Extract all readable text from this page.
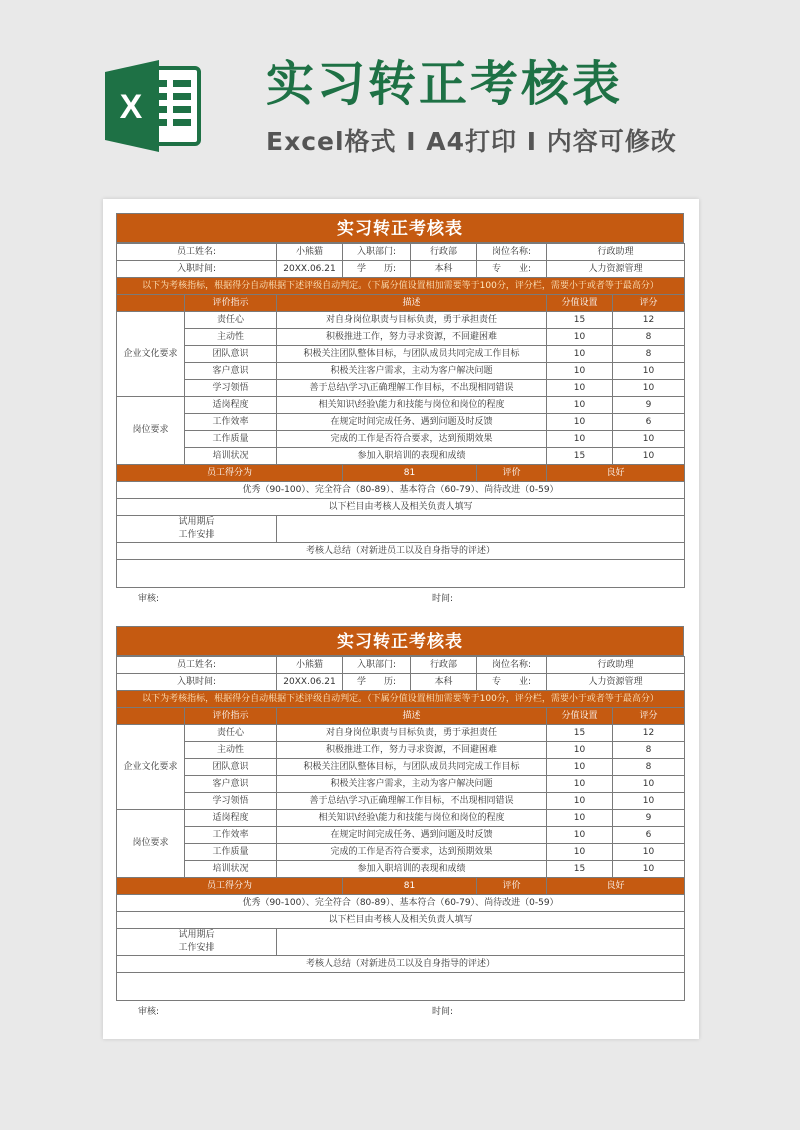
X	实习转正考核表
Excel格式 I A4打印 I 内容可修改
实习转正考核表
员工姓名:		小熊猫	入职部门:	行政部	岗位名称:	行政助理	
入职时间:		20XX.06.21	学　　历:	本科	专　　业:	人力资源管理	
以下为考核指标，根据得分自动根据下述评级自动判定。（下属分值设置相加需要等于100分，评分栏，需要小于或者等于最高分）							
	评价指示	描述				分值设置	评分
企业文化要求	责任心	对自身岗位职责与目标负责，勇于承担责任				15	12
	主动性	积极推进工作，努力寻求资源，不回避困难				10	8
	团队意识	积极关注团队整体目标，与团队成员共同完成工作目标				10	8
	客户意识	积极关注客户需求，主动为客户解决问题				10	10
	学习领悟	善于总结\学习\正确理解工作目标，不出现相同错误				10	10
岗位要求	适岗程度	相关知识\经验\能力和技能与岗位和岗位的程度				10	9
	工作效率	在规定时间完成任务、遇到问题及时反馈				10	6
	工作质量	完成的工作是否符合要求，达到预期效果				10	10
	培训状况	参加入职培训的表现和成绩				15	10
员工得分为			81		评价	良好	
优秀（90-100）、完全符合（80-89）、基本符合（60-79）、尚待改进（0-59）							
以下栏目由考核人及相关负责人填写							
试用期后
工作安排							
考核人总结（对新进员工以及自身指导的评述）							

审核:	时间:
实习转正考核表
员工姓名:		小熊猫	入职部门:	行政部	岗位名称:	行政助理	
入职时间:		20XX.06.21	学　　历:	本科	专　　业:	人力资源管理	
以下为考核指标，根据得分自动根据下述评级自动判定。（下属分值设置相加需要等于100分，评分栏，需要小于或者等于最高分）							
	评价指示	描述				分值设置	评分
企业文化要求	责任心	对自身岗位职责与目标负责，勇于承担责任				15	12
	主动性	积极推进工作，努力寻求资源，不回避困难				10	8
	团队意识	积极关注团队整体目标，与团队成员共同完成工作目标				10	8
	客户意识	积极关注客户需求，主动为客户解决问题				10	10
	学习领悟	善于总结\学习\正确理解工作目标，不出现相同错误				10	10
岗位要求	适岗程度	相关知识\经验\能力和技能与岗位和岗位的程度				10	9
	工作效率	在规定时间完成任务、遇到问题及时反馈				10	6
	工作质量	完成的工作是否符合要求，达到预期效果				10	10
	培训状况	参加入职培训的表现和成绩				15	10
员工得分为			81		评价	良好	
优秀（90-100）、完全符合（80-89）、基本符合（60-79）、尚待改进（0-59）							
以下栏目由考核人及相关负责人填写							
试用期后
工作安排							
考核人总结（对新进员工以及自身指导的评述）							

审核:	时间:
